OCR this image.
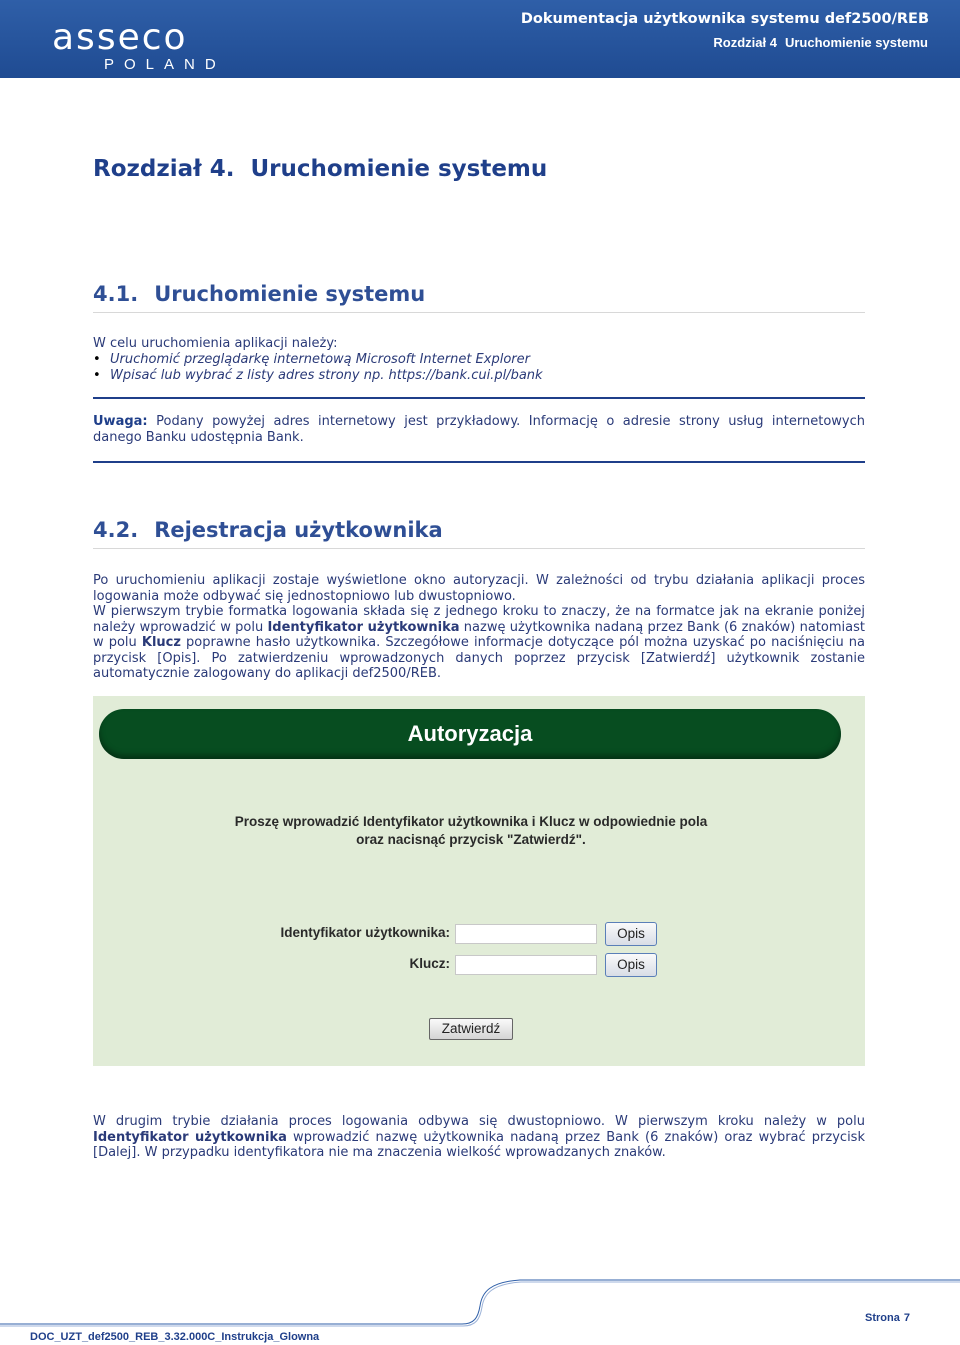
asseco
POLAND
Dokumentacja użytkownika systemu def2500/REB
Rozdział 4 Uruchomienie systemu
Rozdział 4. Uruchomienie systemu
4.1. Uruchomienie systemu

W celu uruchomienia aplikacji należy:

• Uruchomić przeglądarkę internetową Microsoft Internet Explorer
• Wpisać lub wybrać z listy adres strony np. https://bank.cui.pl/bank

Uwaga: Podany powyżej adres internetowy jest przykładowy. Informację o adresie strony usług internetowych danego Banku udostępnia Bank.

4.2. Rejestracja użytkownika

Po uruchomieniu aplikacji zostaje wyświetlone okno autoryzacji. W zależności od trybu działania aplikacji proces logowania może odbywać się jednostopniowo lub dwustopniowo.

W pierwszym trybie formatka logowania składa się z jednego kroku to znaczy, że na formatce jak na ekranie poniżej należy wprowadzić w polu Identyfikator użytkownika nazwę użytkownika nadaną przez Bank (6 znaków) natomiast w polu Klucz poprawne hasło użytkownika. Szczegółowe informacje dotyczące pól można uzyskać po naciśnięciu na przycisk [Opis]. Po zatwierdzeniu wprowadzonych danych poprzez przycisk [Zatwierdź] użytkownik zostanie automatycznie zalogowany do aplikacji def2500/REB.

Autoryzacja
Proszę wprowadzić Identyfikator użytkownika i Klucz w odpowiednie pola
oraz nacisnąć przycisk "Zatwierdź".
Identyfikator użytkownika:	Opis
Klucz:	Opis
Zatwierdź

W drugim trybie działania proces logowania odbywa się dwustopniowo. W pierwszym kroku należy w polu Identyfikator użytkownika wprowadzić nazwę użytkownika nadaną przez Bank (6 znaków) oraz wybrać przycisk [Dalej]. W przypadku identyfikatora nie ma znaczenia wielkość wprowadzanych znaków.

DOC_UZT_def2500_REB_3.32.000C_Instrukcja_Glowna
Strona 7
